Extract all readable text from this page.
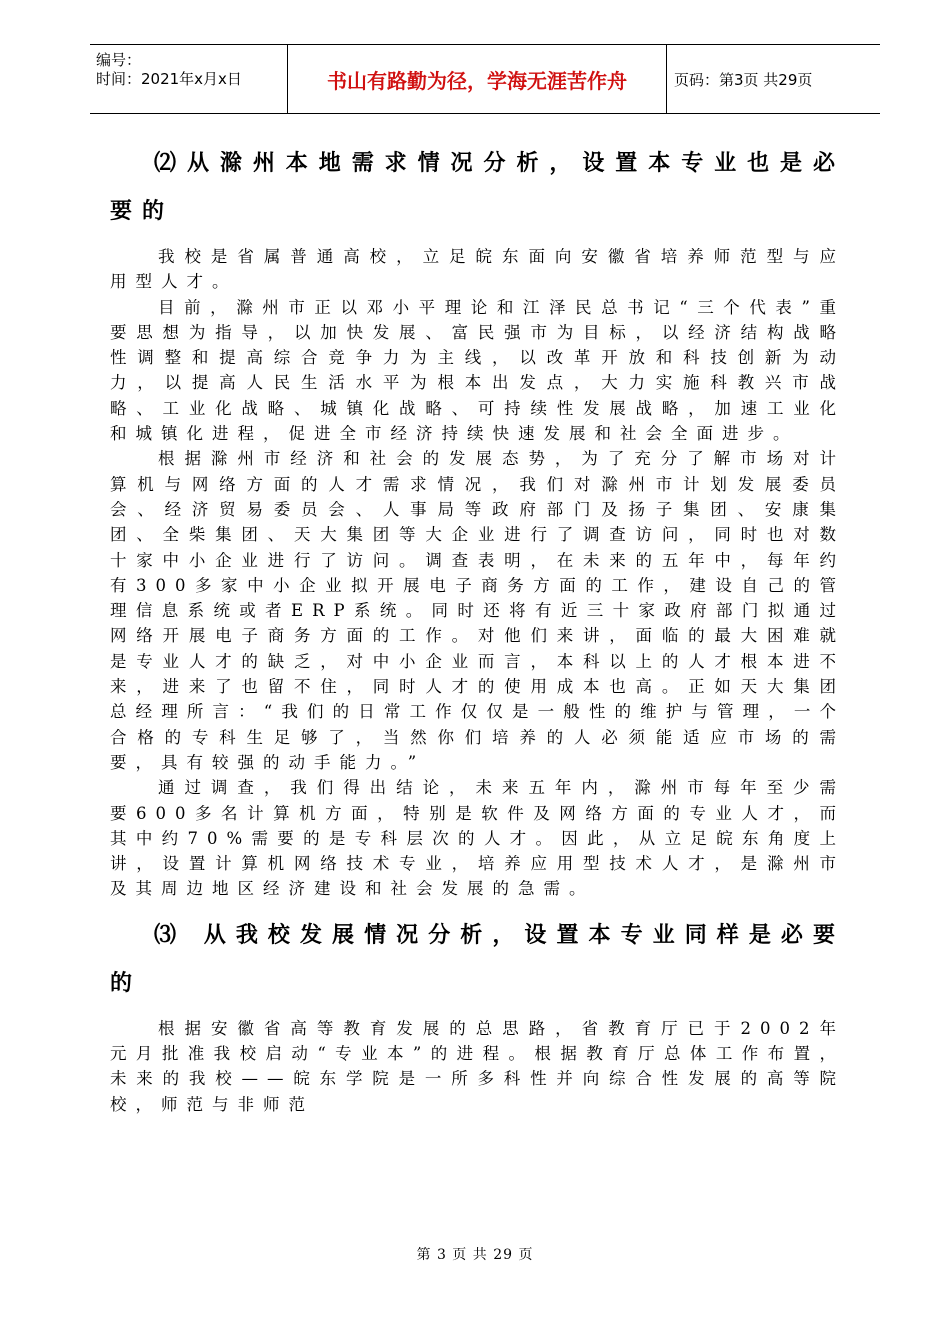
编号：
时间：2021年x月x日	书山有路勤为径，学海无涯苦作舟	页码：第3页 共29页
⑵从滁州本地需求情况分析，设置本专业也是必要的

我校是省属普通高校，立足皖东面向安徽省培养师范型与应用型人才。

目前，滁州市正以邓小平理论和江泽民总书记“三个代表”重要思想为指导，以加快发展、富民强市为目标，以经济结构战略性调整和提高综合竞争力为主线，以改革开放和科技创新为动力，以提高人民生活水平为根本出发点，大力实施科教兴市战略、工业化战略、城镇化战略、可持续性发展战略，加速工业化和城镇化进程，促进全市经济持续快速发展和社会全面进步。

根据滁州市经济和社会的发展态势，为了充分了解市场对计算机与网络方面的人才需求情况，我们对滁州市计划发展委员会、经济贸易委员会、人事局等政府部门及扬子集团、安康集团、全柴集团、天大集团等大企业进行了调查访问，同时也对数十家中小企业进行了访问。调查表明，在未来的五年中，每年约有300多家中小企业拟开展电子商务方面的工作，建设自己的管理信息系统或者ERP系统。同时还将有近三十家政府部门拟通过网络开展电子商务方面的工作。对他们来讲，面临的最大困难就是专业人才的缺乏，对中小企业而言，本科以上的人才根本进不来，进来了也留不住，同时人才的使用成本也高。正如天大集团总经理所言：“我们的日常工作仅仅是一般性的维护与管理，一个合格的专科生足够了，当然你们培养的人必须能适应市场的需要，具有较强的动手能力。”

通过调查，我们得出结论，未来五年内，滁州市每年至少需要600多名计算机方面，特别是软件及网络方面的专业人才，而其中约70%需要的是专科层次的人才。因此，从立足皖东角度上讲，设置计算机网络技术专业，培养应用型技术人才，是滁州市及其周边地区经济建设和社会发展的急需。

⑶ 从我校发展情况分析，设置本专业同样是必要的

根据安徽省高等教育发展的总思路，省教育厅已于2002年元月批准我校启动“专业本”的进程。根据教育厅总体工作布置，未来的我校——皖东学院是一所多科性并向综合性发展的高等院校，师范与非师范

第 3 页 共 29 页
